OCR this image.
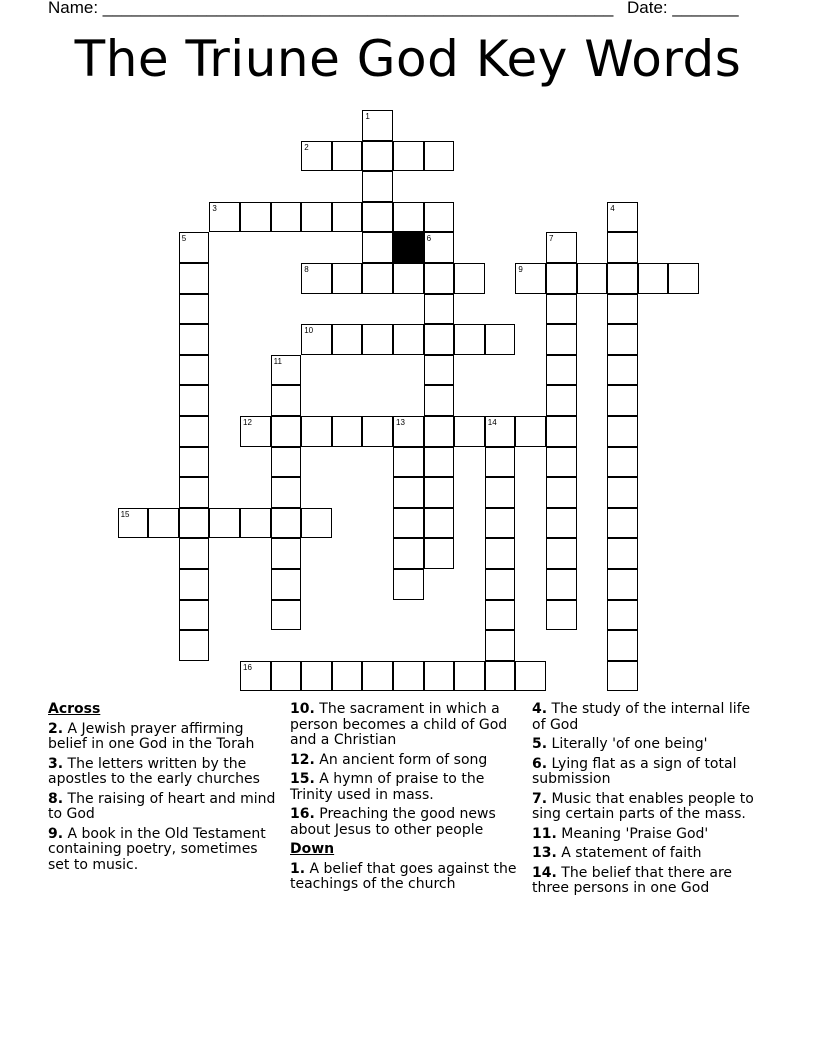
Name: ______________________________________________________ Date: _______
The Triune God Key Words
1
2
3	4
5	6	7
8	9
10
11
12	13	14
15
16
Across
2. A Jewish prayer affirming belief in one God in the Torah
3. The letters written by the apostles to the early churches
8. The raising of heart and mind to God
9. A book in the Old Testament containing poetry, sometimes set to music.
10. The sacrament in which a person becomes a child of God and a Christian
12. An ancient form of song
15. A hymn of praise to the Trinity used in mass.
16. Preaching the good news about Jesus to other people
Down
1. A belief that goes against the teachings of the church
4. The study of the internal life of God
5. Literally 'of one being'
6. Lying flat as a sign of total submission
7. Music that enables people to sing certain parts of the mass.
11. Meaning 'Praise God'
13. A statement of faith
14. The belief that there are three persons in one God
